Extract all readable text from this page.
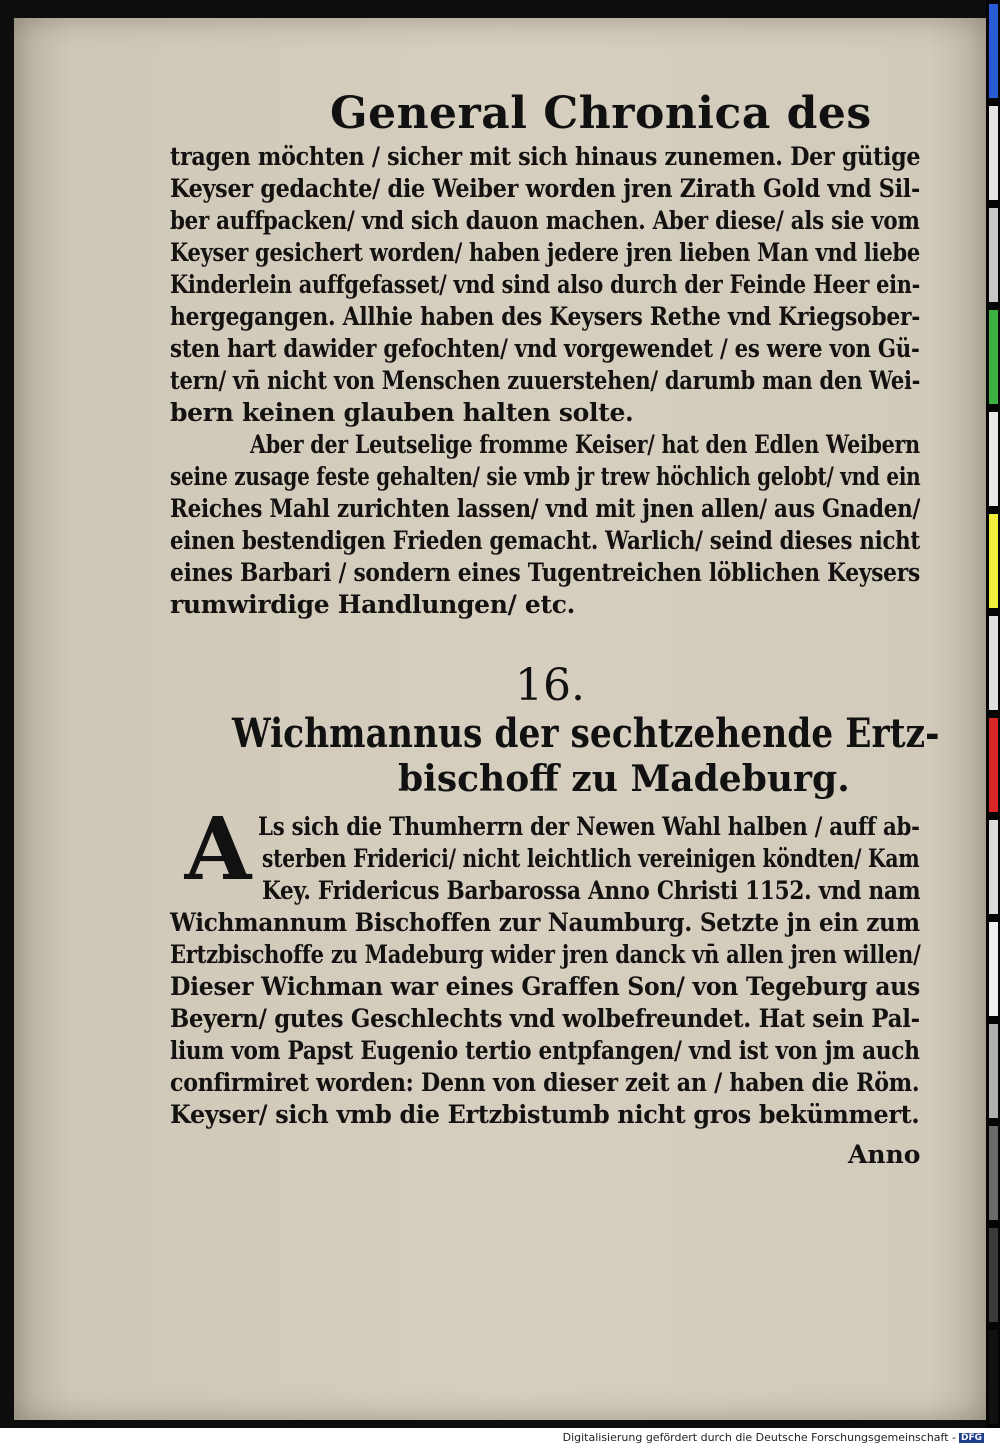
General Chronica des
tragen möchten / sicher mit sich hinaus zunemen. Der gütige
Keyser gedachte/ die Weiber worden jren Zirath Gold vnd Sil-
ber auffpacken/ vnd sich dauon machen. Aber diese/ als sie vom
Keyser gesichert worden/ haben jedere jren lieben Man vnd liebe
Kinderlein auffgefasset/ vnd sind also durch der Feinde Heer ein-
hergegangen. Allhie haben des Keysers Rethe vnd Kriegsober-
sten hart dawider gefochten/ vnd vorgewendet / es were von Gü-
tern/ vn̄ nicht von Menschen zuuerstehen/ darumb man den Wei-
bern keinen glauben halten solte.
Aber der Leutselige fromme Keiser/ hat den Edlen Weibern
seine zusage feste gehalten/ sie vmb jr trew höchlich gelobt/ vnd ein
Reiches Mahl zurichten lassen/ vnd mit jnen allen/ aus Gnaden/
einen bestendigen Frieden gemacht. Warlich/ seind dieses nicht
eines Barbari / sondern eines Tugentreichen löblichen Keysers
rumwirdige Handlungen/ etc.
16.
Wichmannus der sechtzehende Ertz-
bischoff zu Madeburg.
A Ls sich die Thumherrn der Newen Wahl halben / auff ab-
sterben Friderici/ nicht leichtlich vereinigen köndten/ Kam
Key. Fridericus Barbarossa Anno Christi 1152. vnd nam
Wichmannum Bischoffen zur Naumburg. Setzte jn ein zum
Ertzbischoffe zu Madeburg wider jren danck vn̄ allen jren willen/
Dieser Wichman war eines Graffen Son/ von Tegeburg aus
Beyern/ gutes Geschlechts vnd wolbefreundet. Hat sein Pal-
lium vom Papst Eugenio tertio entpfangen/ vnd ist von jm auch
confirmiret worden: Denn von dieser zeit an / haben die Röm.
Keyser/ sich vmb die Ertzbistumb nicht gros bekümmert.
Anno
Digitalisierung gefördert durch die Deutsche Forschungsgemeinschaft - DFG
